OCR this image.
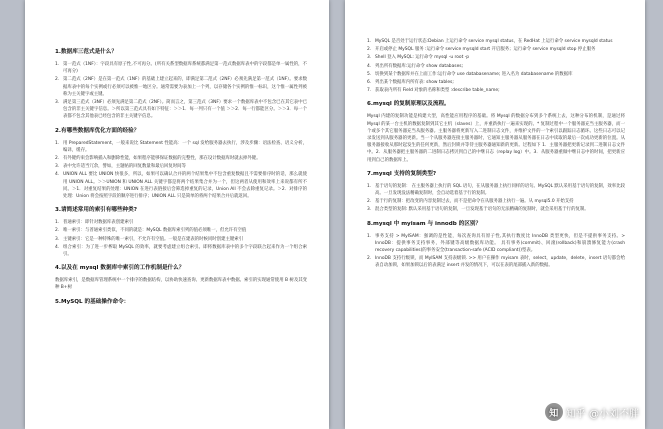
1.数据库三范式是什么？
1. 第一范式（1NF）：字段具有原子性,不可再分。(所有关系型数据库系统都满足第一范式数据库表中的字段都是单一属性的，不可再分)
2. 第二范式（2NF）是在第一范式（1NF）的基础上建立起来的，即满足第二范式（2NF）必须先满足第一范式（1NF）。要求数据库表中的每个实例或行必须可以被惟一地区分。通常需要为表加上一个列，以存储各个实例的惟一标识，这个惟一属性列被称为主关键字或主键。
3. 满足第三范式（3NF）必须先满足第二范式（2NF）。简而言之，第三范式（3NF）要求一个数据库表中不包含已在其它表中已包含的非主关键字信息。＞所以第三范式具有如下特征：＞＞1．每一列只有一个值 ＞＞2．每一行都能区分。＞＞3．每一个表都不包含其他表已经包含的非主关键字信息。
2.有哪些数据库优化方面的经验？
1. 用 PreparedStatement，一般来说比 Statement 性能高：一个 sql 发给服务器去执行，涉及步骤：语法检查、语义分析，编译，缓存。
2. 有外键约束会影响插入和删除性能，如果程序能够保证数据的完整性，那在设计数据库时就去掉外键。
3. 表中允许适当冗余，譬如，主题帖的回复数量和最后回复时间等
4. UNION ALL 要比 UNION 快很多，所以，如果可以确认合并的两个结果集中不包含重复数据且不需要排序时的话，那么就使用 UNION ALL。＞＞UNION 和 UNION ALL 关键字都是将两个结果集合并为一个，但这两者从使用和效率上来说都有所不同。＞1．对重复结果的处理：UNION 在进行表链接后会筛选掉重复的记录，Union All 不会去除重复记录。＞2．对排序的处理：Union 将会按照字段的顺序进行排序；UNION ALL 只是简单的将两个结果合并后就返回。
3.请简述常用的索引有哪些种类?
1. 普通索引：即针对数据库表创建索引
2. 唯一索引：与普通索引类似，不同的就是：MySQL 数据库索引列的值必须唯一，但允许有空值
3. 主键索引：它是一种特殊的唯一索引，不允许有空值。一般是在建表的时候同时创建主键索引
4. 组合索引：为了进一步榨取 MySQL 的效率，就要考虑建立组合索引。即将数据库表中的多个字段联合起来作为一个组合索引。
4.以及在 mysql 数据库中索引的工作机制是什么？
数据库索引，是数据库管理系统中一个排序的数据结构，以协助快速查询、更新数据库表中数据。索引的实现通常使用 B 树及其变种 B+树
5.MySQL 的基础操作命令：
1. MySQL 是否处于运行状态:Debian 上运行命令 service mysql status，在 RedHat 上运行命令 service mysqld status
2. 开启或停止 MySQL 服务 :运行命令 service mysqld start 开启服务；运行命令 service mysqld stop 停止服务
3. Shell 登入 MySQL: 运行命令 mysql -u root -p
4. 列出所有数据库:运行命令 show databases;
5. 切换到某个数据库并在上面工作:运行命令 use databasename; 进入名为 databasename 的数据库
6. 列出某个数据库内所有表: show tables;
7. 获取表内所有 Field 对象的名称和类型 :describe table_name;
6.mysql 的复制原理以及流程。
Mysql 内建的复制功能是构建大型，高性能应用程序的基础。将 Mysql 的数据分布到多个系统上去，这种分布的机制，是通过将 Mysql 的某一台主机的数据复制到其它主机（slaves）上，并重新执行一遍来实现的。* 复制过程中一个服务器充当主服务器，而一个或多个其它服务器充当从服务器。主服务器将更新写入二进制日志文件，并维护文件的一个索引以跟踪日志循环。这些日志可以记录发送到从服务器的更新。当一个从服务器连接主服务器时，它通知主服务器从服务器在日志中读取的最后一次成功更新的位置。从服务器接收从那时起发生的任何更新，然后封锁并等待主服务器通知新的更新。过程如下 1．主服务器把更新记录到二进制日志文件中。2．从服务器把主服务器的二进制日志拷贝到自己的中继日志（replay log）中。3．从服务器重做中继日志中的时间，把更新应用到自己的数据库上。
7.mysql 支持的复制类型?
1. 基于语句的复制： 在主服务器上执行的 SQL 语句，在从服务器上执行同样的语句。MySQL 默认采用基于语句的复制，效率比较高。一旦发现没法精确复制时，会自动选着基于行的复制。
2. 基于行的复制：把改变的内容复制过去，而不是把命令在从服务器上执行一遍。从 mysql5.0 开始支持
3. 混合类型的复制: 默认采用基于语句的复制，一旦发现基于语句的无法精确的复制时，就会采用基于行的复制。
8.mysql 中 myisam 与 innodb 的区别？
1. 事务支持 > MyISAM：强调的是性能，每次查询具有原子性,其执行数度比 InnoDB 类型更快，但是不提供事务支持。> InnoDB：提供事务支持事务，外部键等高级数据库功能。 具有事务(commit)、回滚(rollback)和崩溃修复能力(crash recovery capabilities)的事务安全(transaction-safe (ACID compliant))型表。
2. InnoDB 支持行级锁，而 MyISAM 支持表级锁. >> 用户在操作 myisam 表时，select，update，delete，insert 语句都会给表自动加锁，如果加锁以后的表满足 insert 并发的情况下，可以在表的尾部插入新的数据。
知 知乎 @小刘不胖
